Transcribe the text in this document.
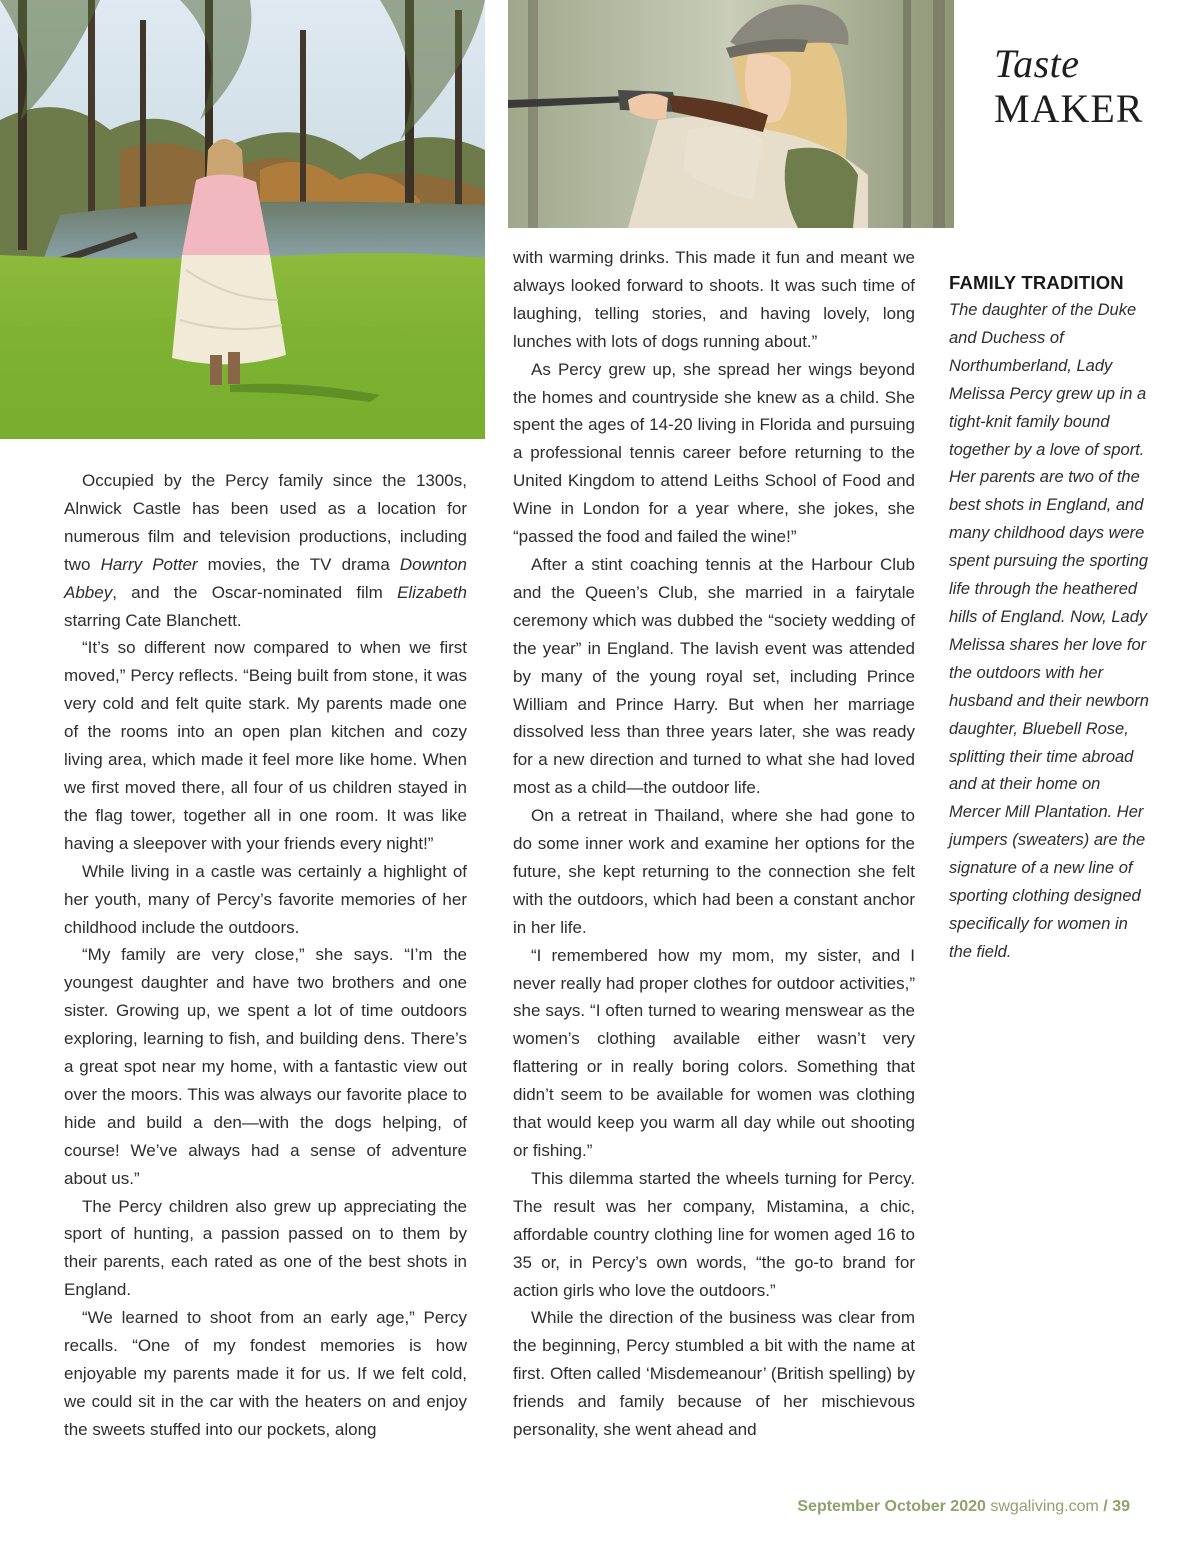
Taste
MAKER

Occupied by the Percy family since the 1300s, Alnwick Castle has been used as a location for numerous film and television productions, including two Harry Potter movies, the TV drama Downton Abbey, and the Oscar-nominated film Elizabeth starring Cate Blanchett.

“It’s so different now compared to when we first moved,” Percy reflects. “Being built from stone, it was very cold and felt quite stark. My parents made one of the rooms into an open plan kitchen and cozy living area, which made it feel more like home. When we first moved there, all four of us children stayed in the flag tower, together all in one room. It was like having a sleepover with your friends every night!”

While living in a castle was certainly a highlight of her youth, many of Percy’s favorite memories of her childhood include the outdoors.

“My family are very close,” she says. “I’m the youngest daughter and have two brothers and one sister. Growing up, we spent a lot of time outdoors exploring, learning to fish, and building dens. There’s a great spot near my home, with a fantastic view out over the moors. This was always our favorite place to hide and build a den—with the dogs helping, of course! We’ve always had a sense of adventure about us.”

The Percy children also grew up appreciating the sport of hunting, a passion passed on to them by their parents, each rated as one of the best shots in England.

“We learned to shoot from an early age,” Percy recalls. “One of my fondest memories is how enjoyable my parents made it for us. If we felt cold, we could sit in the car with the heaters on and enjoy the sweets stuffed into our pockets, along

with warming drinks. This made it fun and meant we always looked forward to shoots. It was such time of laughing, telling stories, and having lovely, long lunches with lots of dogs running about.”

As Percy grew up, she spread her wings beyond the homes and countryside she knew as a child. She spent the ages of 14-20 living in Florida and pursuing a professional tennis career before returning to the United Kingdom to attend Leiths School of Food and Wine in London for a year where, she jokes, she “passed the food and failed the wine!”

After a stint coaching tennis at the Harbour Club and the Queen’s Club, she married in a fairytale ceremony which was dubbed the “society wedding of the year” in England. The lavish event was attended by many of the young royal set, including Prince William and Prince Harry. But when her marriage dissolved less than three years later, she was ready for a new direction and turned to what she had loved most as a child—the outdoor life.

On a retreat in Thailand, where she had gone to do some inner work and examine her options for the future, she kept returning to the connection she felt with the outdoors, which had been a constant anchor in her life.

“I remembered how my mom, my sister, and I never really had proper clothes for outdoor activities,” she says. “I often turned to wearing menswear as the women’s clothing available either wasn’t very flattering or in really boring colors. Something that didn’t seem to be available for women was clothing that would keep you warm all day while out shooting or fishing.”

This dilemma started the wheels turning for Percy. The result was her company, Mistamina, a chic, affordable country clothing line for women aged 16 to 35 or, in Percy’s own words, “the go-to brand for action girls who love the outdoors.”

While the direction of the business was clear from the beginning, Percy stumbled a bit with the name at first. Often called ‘Misdemeanour’ (British spelling) by friends and family because of her mischievous personality, she went ahead and

FAMILY TRADITION

The daughter of the Duke and Duchess of Northumberland, Lady Melissa Percy grew up in a tight-knit family bound together by a love of sport. Her parents are two of the best shots in England, and many childhood days were spent pursuing the sporting life through the heathered hills of England. Now, Lady Melissa shares her love for the outdoors with her husband and their newborn daughter, Bluebell Rose, splitting their time abroad and at their home on Mercer Mill Plantation. Her jumpers (sweaters) are the signature of a new line of sporting clothing designed specifically for women in the field.

September October 2020 swgaliving.com / 39
